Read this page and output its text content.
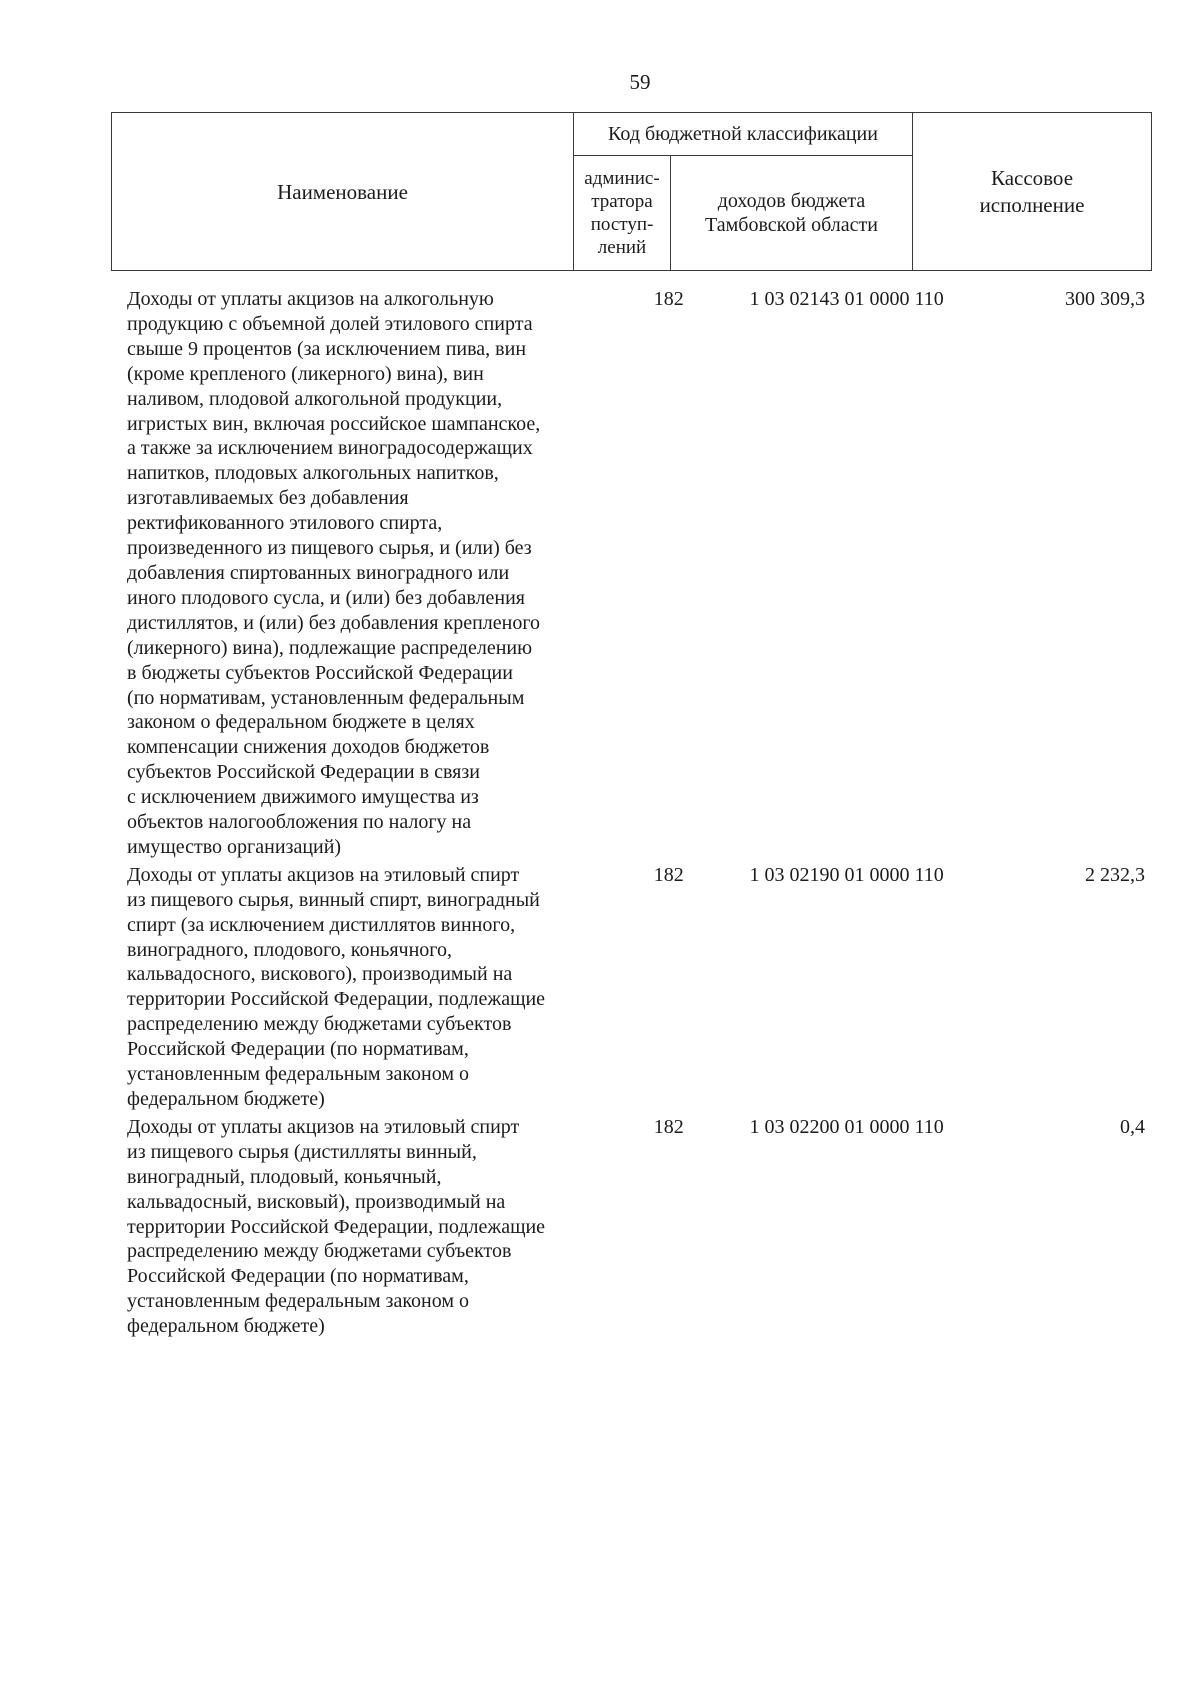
59
Наименование	Код бюджетной классификации		Кассовое
исполнение

	админис-
тратора
поступ-
лений	доходов бюджета
Тамбовской области	
Доходы от уплаты акцизов на алкогольную
продукцию с объемной долей этилового спирта
свыше 9 процентов (за исключением пива, вин
(кроме крепленого (ликерного) вина), вин
наливом, плодовой алкогольной продукции,
игристых вин, включая российское шампанское,
а также за исключением виноградосодержащих
напитков, плодовых алкогольных напитков,
изготавливаемых без добавления
ректификованного этилового спирта,
произведенного из пищевого сырья, и (или) без
добавления спиртованных виноградного или
иного плодового сусла, и (или) без добавления
дистиллятов, и (или) без добавления крепленого
(ликерного) вина), подлежащие распределению
в бюджеты субъектов Российской Федерации
(по нормативам, установленным федеральным
законом о федеральном бюджете в целях
компенсации снижения доходов бюджетов
субъектов Российской Федерации в связи
с исключением движимого имущества из
объектов налогообложения по налогу на
имущество организаций)
182	1 03 02143 01 0000 110	300 309,3
Доходы от уплаты акцизов на этиловый спирт
из пищевого сырья, винный спирт, виноградный
спирт (за исключением дистиллятов винного,
виноградного, плодового, коньячного,
кальвадосного, вискового), производимый на
территории Российской Федерации, подлежащие
распределению между бюджетами субъектов
Российской Федерации (по нормативам,
установленным федеральным законом о
федеральном бюджете)
182	1 03 02190 01 0000 110	2 232,3
Доходы от уплаты акцизов на этиловый спирт
из пищевого сырья (дистилляты винный,
виноградный, плодовый, коньячный,
кальвадосный, висковый), производимый на
территории Российской Федерации, подлежащие
распределению между бюджетами субъектов
Российской Федерации (по нормативам,
установленным федеральным законом о
федеральном бюджете)
182	1 03 02200 01 0000 110	0,4
